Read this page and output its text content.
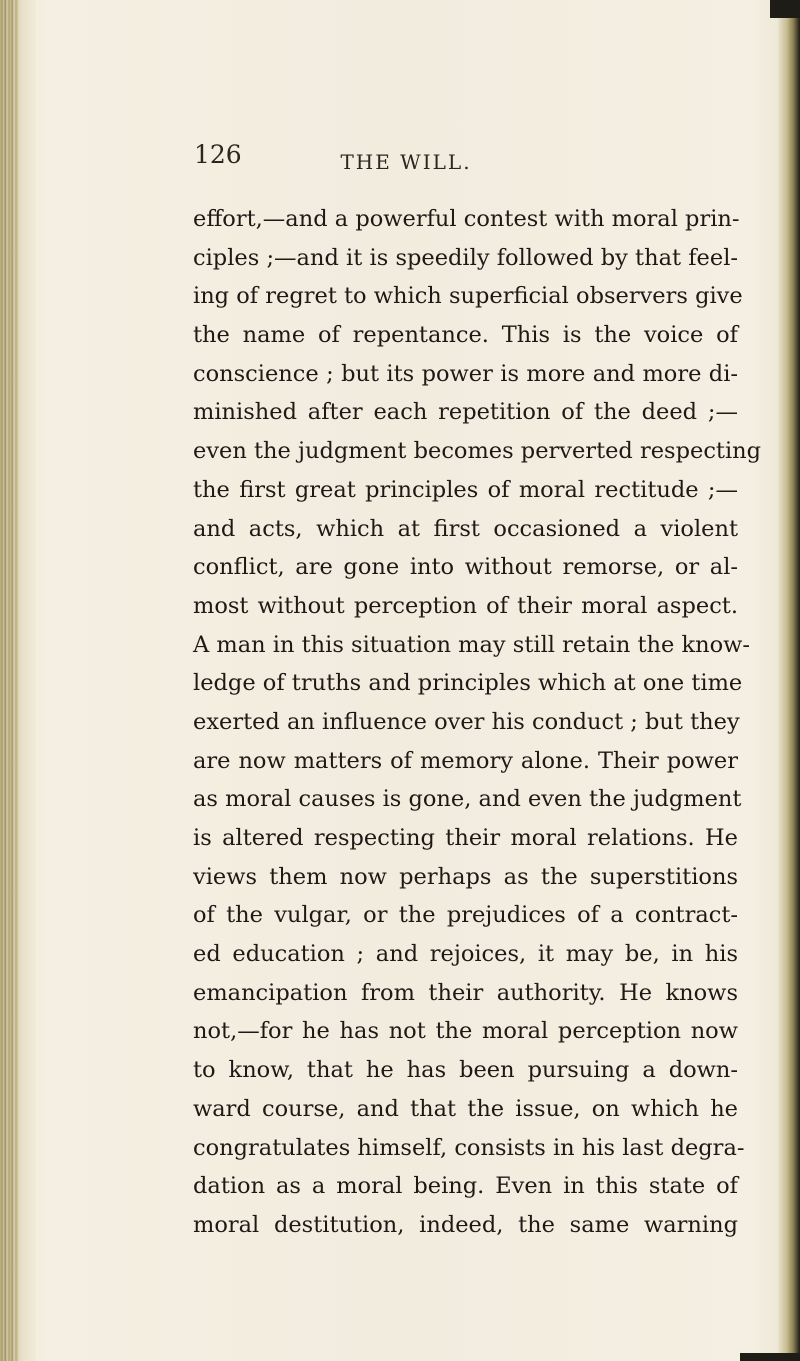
126	THE WILL.
effort,—and a powerful contest with moral prin-
ciples ;—and it is speedily followed by that feel-
ing of regret to which superficial observers give
the name of repentance. This is the voice of
conscience ; but its power is more and more di-
minished after each repetition of the deed ;—
even the judgment becomes perverted respecting
the first great principles of moral rectitude ;—
and acts, which at first occasioned a violent
conflict, are gone into without remorse, or al-
most without perception of their moral aspect.
A man in this situation may still retain the know-
ledge of truths and principles which at one time
exerted an influence over his conduct ; but they
are now matters of memory alone. Their power
as moral causes is gone, and even the judgment
is altered respecting their moral relations. He
views them now perhaps as the superstitions
of the vulgar, or the prejudices of a contract-
ed education ; and rejoices, it may be, in his
emancipation from their authority. He knows
not,—for he has not the moral perception now
to know, that he has been pursuing a down-
ward course, and that the issue, on which he
congratulates himself, consists in his last degra-
dation as a moral being. Even in this state of
moral destitution, indeed, the same warning
